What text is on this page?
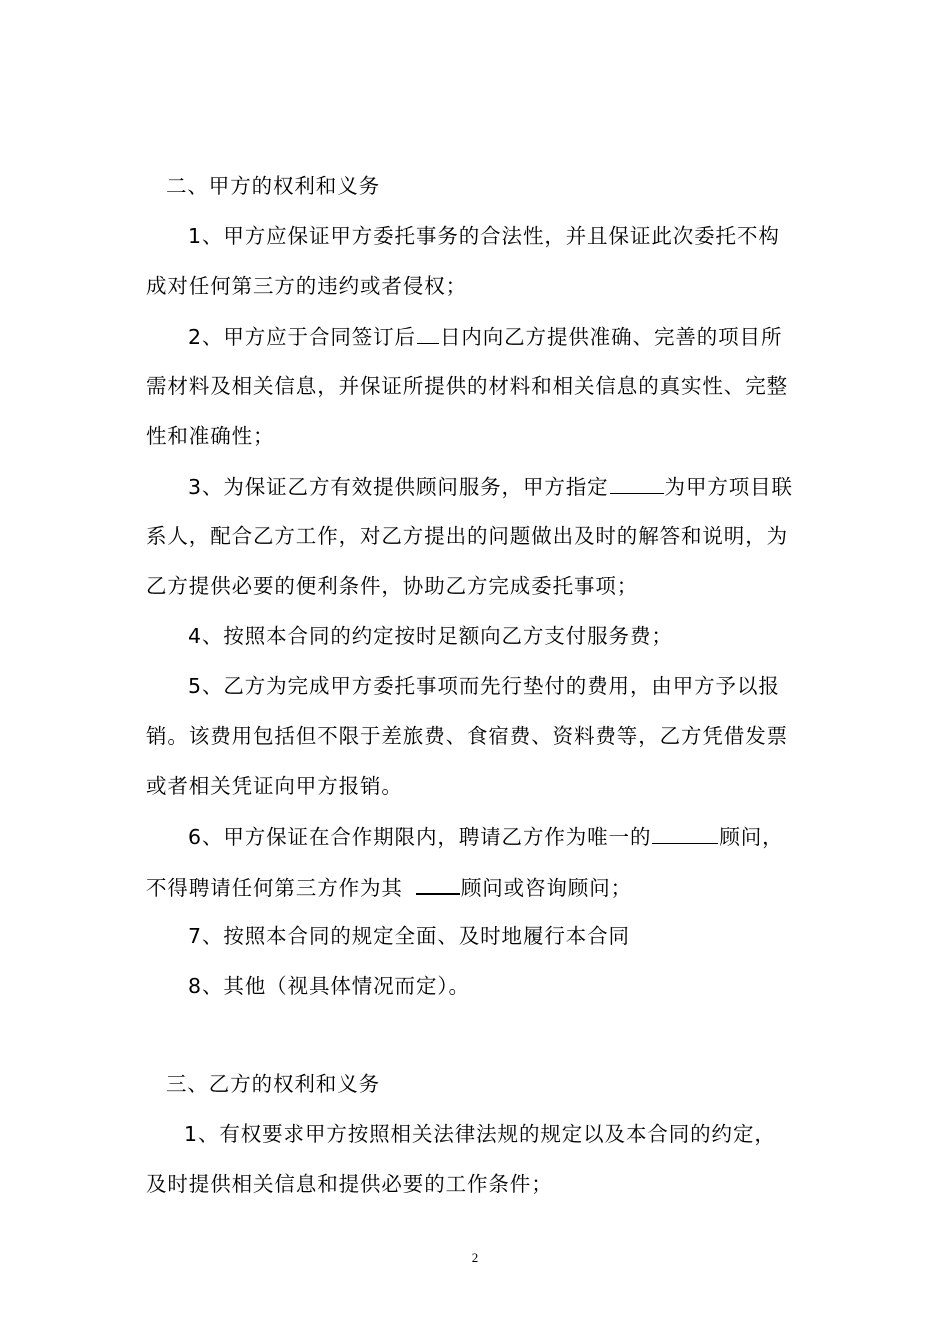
二、甲方的权利和义务
1、甲方应保证甲方委托事务的合法性，并且保证此次委托不构
成对任何第三方的违约或者侵权；
2、甲方应于合同签订后 日内向乙方提供准确、完善的项目所
需材料及相关信息，并保证所提供的材料和相关信息的真实性、完整
性和准确性；
3、为保证乙方有效提供顾问服务，甲方指定	为甲方项目联
系人，配合乙方工作，对乙方提出的问题做出及时的解答和说明，为
乙方提供必要的便利条件，协助乙方完成委托事项；
4、按照本合同的约定按时足额向乙方支付服务费；
5、乙方为完成甲方委托事项而先行垫付的费用，由甲方予以报
销。该费用包括但不限于差旅费、食宿费、资料费等，乙方凭借发票
或者相关凭证向甲方报销。
6、甲方保证在合作期限内，聘请乙方作为唯一的	顾问，
不得聘请任何第三方作为其	顾问或咨询顾问；
7、按照本合同的规定全面、及时地履行本合同
8、其他（视具体情况而定）。
三、乙方的权利和义务
1、有权要求甲方按照相关法律法规的规定以及本合同的约定，
及时提供相关信息和提供必要的工作条件；
2
